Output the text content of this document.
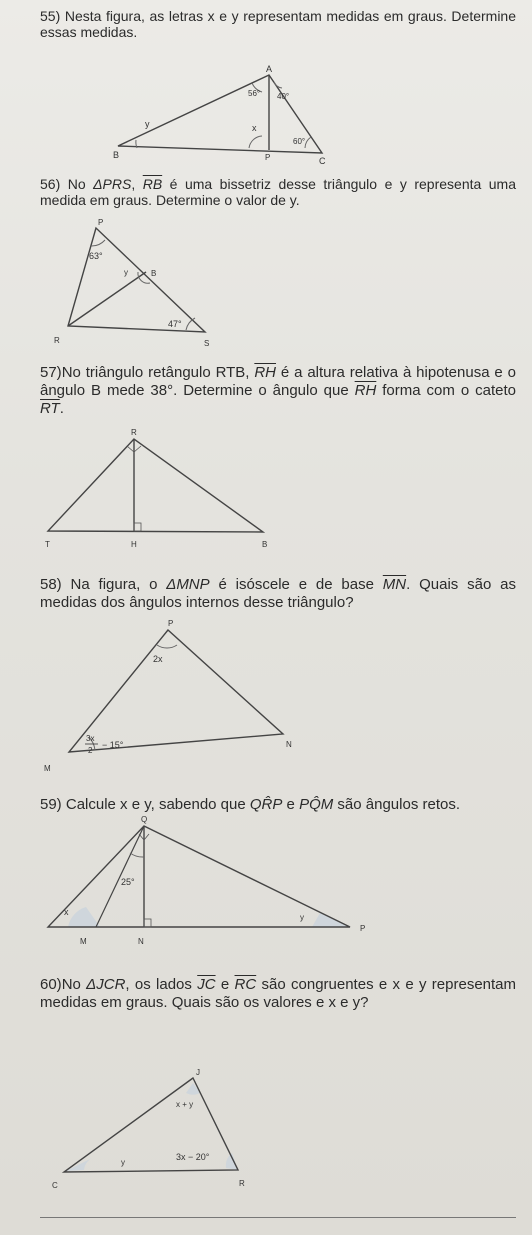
55) Nesta figura, as letras x e y representam medidas em graus. Determine essas medidas.
A
B
C
P
56° 40°
60°
x
y
56) No ΔPRS, $\overline{RB}$ é uma bissetriz desse triângulo e y representa uma medida em graus. Determine o valor de y.
P
R	S
B
y
63°
47°
57)No triângulo retângulo RTB, $\overline{RH}$ é a altura relativa à hipotenusa e o ângulo B mede 38°. Determine o ângulo que $\overline{RH}$ forma com o cateto $\overline{RT}$.
R
T	H	B
58) Na figura, o ΔMNP é isóscele e de base $\overline{MN}$. Quais são as medidas dos ângulos internos desse triângulo?
P
M
N
2x
3x
2
− 15°
59) Calcule x e y, sabendo que QR̂P e PQ̂M são ângulos retos.
Q
M	N
P
x
y
25°
60)No ΔJCR, os lados $\overline{JC}$ e $\overline{RC}$ são congruentes e x e y representam medidas em graus. Quais são os valores e x e y?
J
C	R
y
x + y
3x − 20°
